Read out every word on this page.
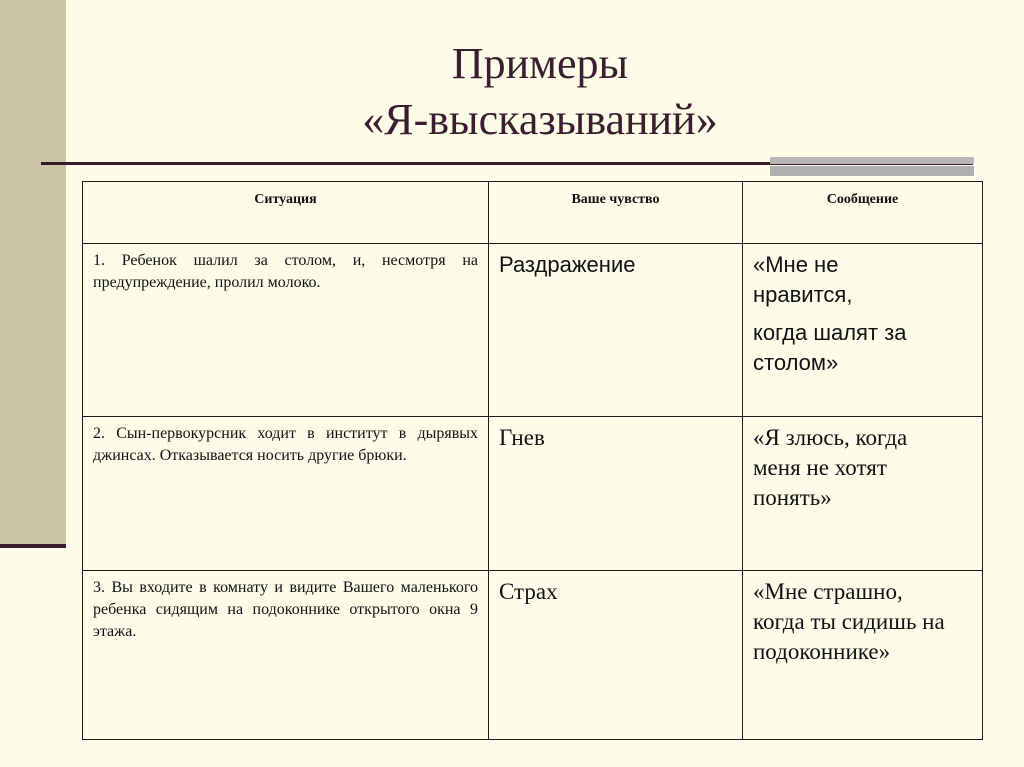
Примеры
«Я-высказываний»
Ситуация	Ваше чувство	Сообщение
1. Ребенок шалил за столом, и, несмотря на предупреждение, пролил молоко.	Раздражение	«Мне не
нравится,
когда шалят за
столом»

2. Сын-первокурсник ходит в институт в дырявых джинсах. Отказывается носить другие брюки.	Гнев	«Я злюсь, когда
меня не хотят
понять»

3. Вы входите в комнату и видите Вашего маленького ребенка сидящим на подоконнике открытого окна 9 этажа.	Страх	«Мне страшно,
когда ты сидишь на
подоконнике»
